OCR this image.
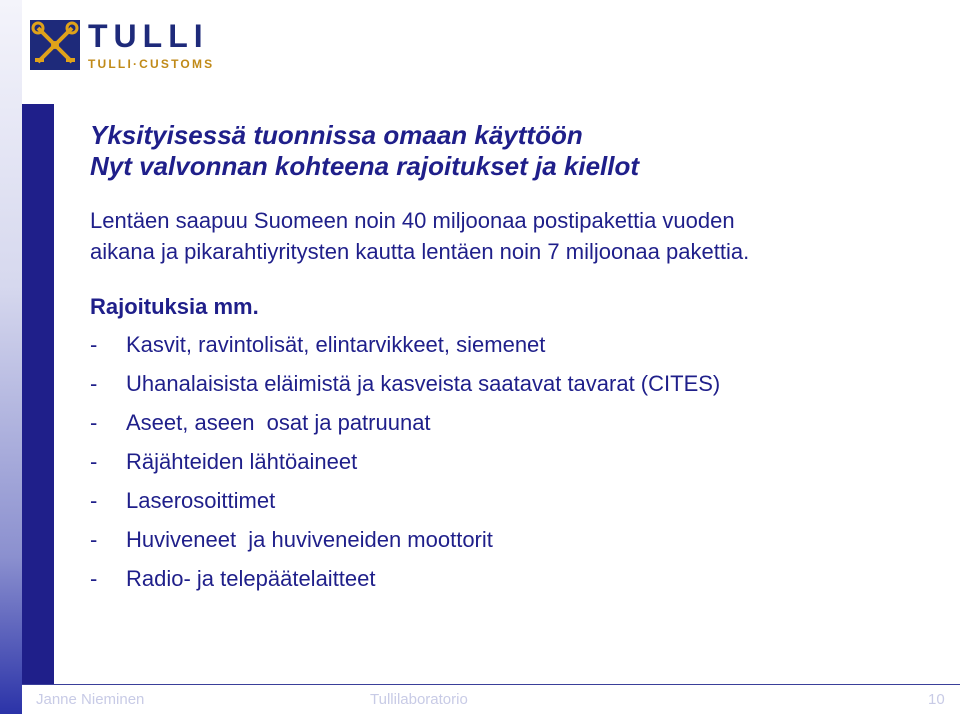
TULLI
TULLI·CUSTOMS
Yksityisessä tuonnissa omaan käyttöön
Nyt valvonnan kohteena rajoitukset ja kiellot
Lentäen saapuu Suomeen noin 40 miljoonaa postipakettia vuoden
aikana ja pikarahtiyritysten kautta lentäen noin 7 miljoonaa pakettia.
Rajoituksia mm.
-	Kasvit, ravintolisät, elintarvikkeet, siemenet
-	Uhanalaisista eläimistä ja kasveista saatavat tavarat (CITES)
-	Aseet, aseen  osat ja patruunat
-	Räjähteiden lähtöaineet
-	Laserosoittimet
-	Huviveneet  ja huviveneiden moottorit
-	Radio- ja telepäätelaitteet
Janne Nieminen	Tullilaboratorio	10
